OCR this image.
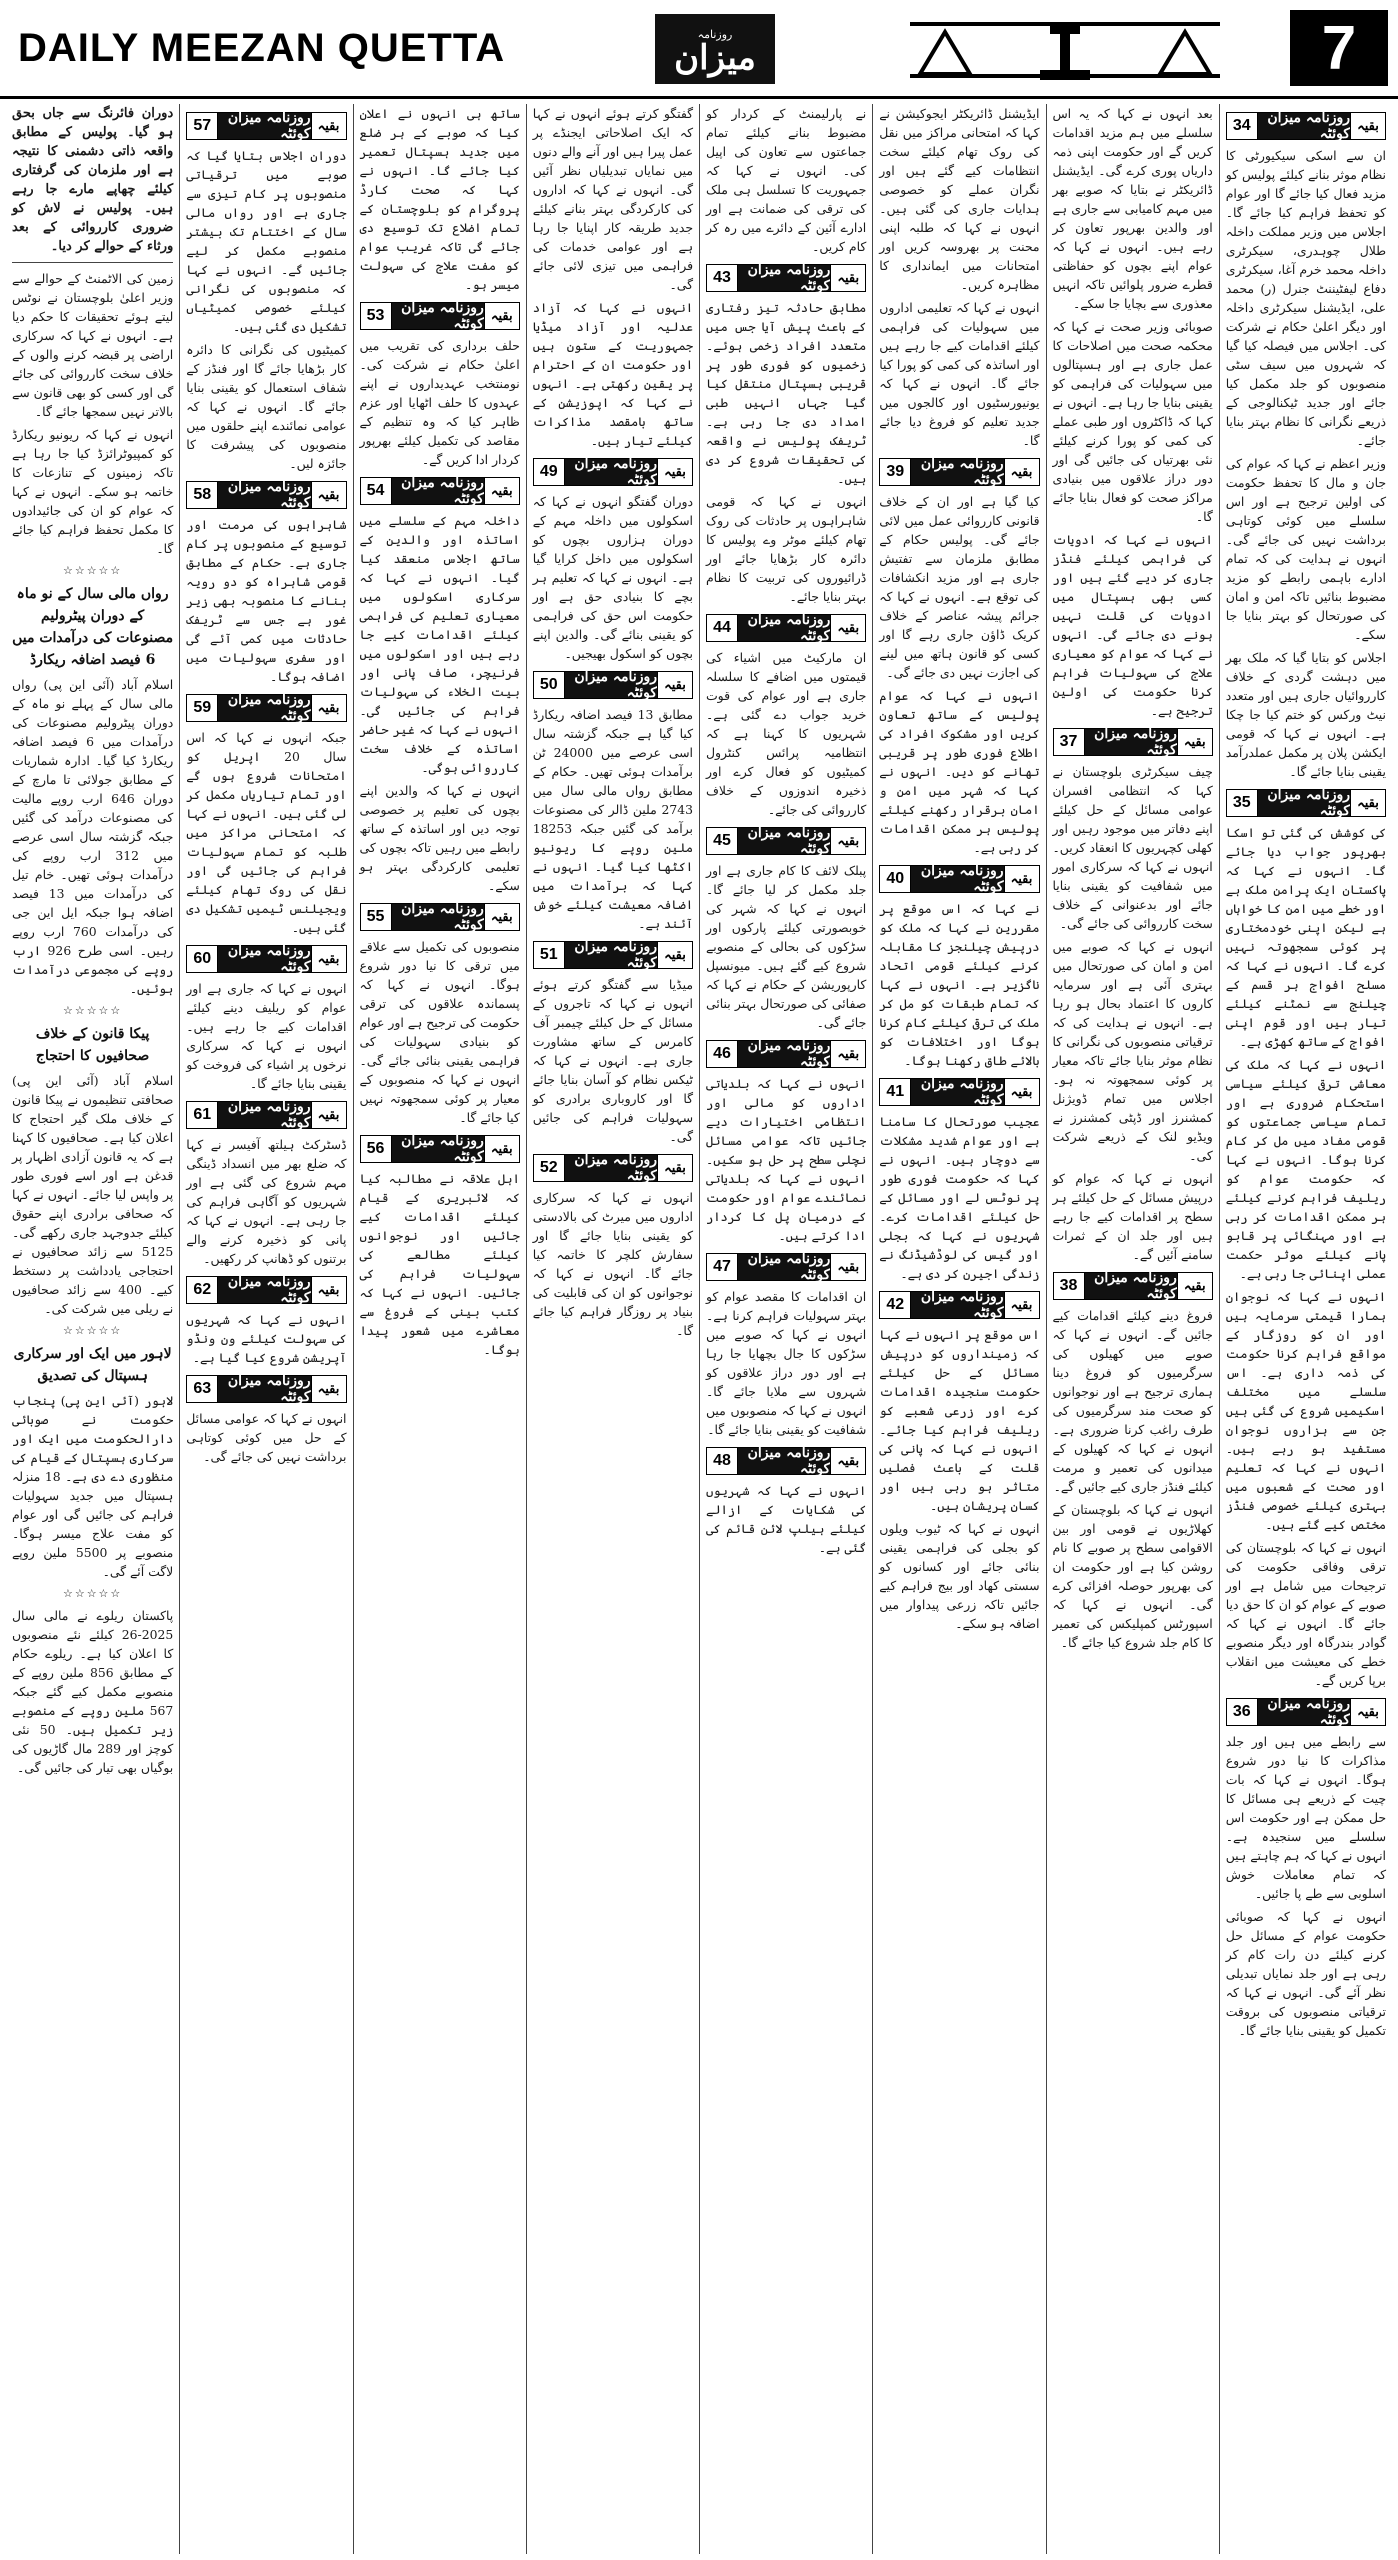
DAILY MEEZAN QUETTA	روزنامہ
میزان	7
34	روزنامہ میزان کوئٹہ بقیہ

ان سے اسکی سیکیورٹی کا نظام موثر بنانے کیلئے پولیس کو مزید فعال کیا جائے گا اور عوام کو تحفظ فراہم کیا جائے گا۔ اجلاس میں وزیر مملکت داخلہ طلال چوہدری، سیکرٹری داخلہ محمد خرم آغا، سیکرٹری دفاع لیفٹیننٹ جنرل (ر) محمد علی، ایڈیشنل سیکرٹری داخلہ اور دیگر اعلیٰ حکام نے شرکت کی۔ اجلاس میں فیصلہ کیا گیا کہ شہروں میں سیف سٹی منصوبوں کو جلد مکمل کیا جائے اور جدید ٹیکنالوجی کے ذریعے نگرانی کا نظام بہتر بنایا جائے۔

وزیر اعظم نے کہا کہ عوام کی جان و مال کا تحفظ حکومت کی اولین ترجیح ہے اور اس سلسلے میں کوئی کوتاہی برداشت نہیں کی جائے گی۔ انہوں نے ہدایت کی کہ تمام ادارے باہمی رابطے کو مزید مضبوط بنائیں تاکہ امن و امان کی صورتحال کو بہتر بنایا جا سکے۔

اجلاس کو بتایا گیا کہ ملک بھر میں دہشت گردی کے خلاف کارروائیاں جاری ہیں اور متعدد نیٹ ورکس کو ختم کیا جا چکا ہے۔ انہوں نے کہا کہ قومی ایکشن پلان پر مکمل عملدرآمد یقینی بنایا جائے گا۔

35	روزنامہ میزان کوئٹہ بقیہ

کی کوشش کی گئی تو اسکا بھرپور جواب دیا جائے گا۔ انہوں نے کہا کہ پاکستان ایک پرامن ملک ہے اور خطے میں امن کا خواہاں ہے لیکن اپنی خودمختاری پر کوئی سمجھوتہ نہیں کرے گا۔ انہوں نے کہا کہ مسلح افواج ہر قسم کے چیلنج سے نمٹنے کیلئے تیار ہیں اور قوم اپنی افواج کے ساتھ کھڑی ہے۔

انہوں نے کہا کہ ملک کی معاشی ترقی کیلئے سیاسی استحکام ضروری ہے اور تمام سیاسی جماعتوں کو قومی مفاد میں مل کر کام کرنا ہوگا۔ انہوں نے کہا کہ حکومت عوام کو ریلیف فراہم کرنے کیلئے ہر ممکن اقدامات کر رہی ہے اور مہنگائی پر قابو پانے کیلئے موثر حکمت عملی اپنائی جا رہی ہے۔

انہوں نے کہا کہ نوجوان ہمارا قیمتی سرمایہ ہیں اور ان کو روزگار کے مواقع فراہم کرنا حکومت کی ذمہ داری ہے۔ اس سلسلے میں مختلف اسکیمیں شروع کی گئی ہیں جن سے ہزاروں نوجوان مستفید ہو رہے ہیں۔ انہوں نے کہا کہ تعلیم اور صحت کے شعبوں میں بہتری کیلئے خصوصی فنڈز مختص کیے گئے ہیں۔

انہوں نے کہا کہ بلوچستان کی ترقی وفاقی حکومت کی ترجیحات میں شامل ہے اور صوبے کے عوام کو ان کا حق دیا جائے گا۔ انہوں نے کہا کہ گوادر بندرگاہ اور دیگر منصوبے خطے کی معیشت میں انقلاب برپا کریں گے۔

36	روزنامہ میزان کوئٹہ بقیہ

سے رابطے میں ہیں اور جلد مذاکرات کا نیا دور شروع ہوگا۔ انہوں نے کہا کہ بات چیت کے ذریعے ہی مسائل کا حل ممکن ہے اور حکومت اس سلسلے میں سنجیدہ ہے۔ انہوں نے کہا کہ ہم چاہتے ہیں کہ تمام معاملات خوش اسلوبی سے طے پا جائیں۔

انہوں نے کہا کہ صوبائی حکومت عوام کے مسائل حل کرنے کیلئے دن رات کام کر رہی ہے اور جلد نمایاں تبدیلی نظر آئے گی۔ انہوں نے کہا کہ ترقیاتی منصوبوں کی بروقت تکمیل کو یقینی بنایا جائے گا۔

بعد انہوں نے کہا کہ یہ اس سلسلے میں ہم مزید اقدامات کریں گے اور حکومت اپنی ذمہ داریاں پوری کرے گی۔ ایڈیشنل ڈائریکٹر نے بتایا کہ صوبے بھر میں مہم کامیابی سے جاری ہے اور والدین بھرپور تعاون کر رہے ہیں۔ انہوں نے کہا کہ عوام اپنے بچوں کو حفاظتی قطرے ضرور پلوائیں تاکہ انہیں معذوری سے بچایا جا سکے۔

صوبائی وزیر صحت نے کہا کہ محکمہ صحت میں اصلاحات کا عمل جاری ہے اور ہسپتالوں میں سہولیات کی فراہمی کو یقینی بنایا جا رہا ہے۔ انہوں نے کہا کہ ڈاکٹروں اور طبی عملے کی کمی کو پورا کرنے کیلئے نئی بھرتیاں کی جائیں گی اور دور دراز علاقوں میں بنیادی مراکز صحت کو فعال بنایا جائے گا۔

انہوں نے کہا کہ ادویات کی فراہمی کیلئے فنڈز جاری کر دیے گئے ہیں اور کسی بھی ہسپتال میں ادویات کی قلت نہیں ہونے دی جائے گی۔ انہوں نے کہا کہ عوام کو معیاری علاج کی سہولیات فراہم کرنا حکومت کی اولین ترجیح ہے۔

37	روزنامہ میزان کوئٹہ بقیہ

چیف سیکرٹری بلوچستان نے کہا کہ انتظامی افسران عوامی مسائل کے حل کیلئے اپنے دفاتر میں موجود رہیں اور کھلی کچہریوں کا انعقاد کریں۔ انہوں نے کہا کہ سرکاری امور میں شفافیت کو یقینی بنایا جائے اور بدعنوانی کے خلاف سخت کارروائی کی جائے گی۔

انہوں نے کہا کہ صوبے میں امن و امان کی صورتحال میں بہتری آئی ہے اور سرمایہ کاروں کا اعتماد بحال ہو رہا ہے۔ انہوں نے ہدایت کی کہ ترقیاتی منصوبوں کی نگرانی کا نظام موثر بنایا جائے تاکہ معیار پر کوئی سمجھوتہ نہ ہو۔ اجلاس میں تمام ڈویژنل کمشنرز اور ڈپٹی کمشنرز نے ویڈیو لنک کے ذریعے شرکت کی۔

انہوں نے کہا کہ عوام کو درپیش مسائل کے حل کیلئے ہر سطح پر اقدامات کیے جا رہے ہیں اور جلد ان کے ثمرات سامنے آئیں گے۔

38	روزنامہ میزان کوئٹہ بقیہ

فروغ دینے کیلئے اقدامات کیے جائیں گے۔ انہوں نے کہا کہ صوبے میں کھیلوں کی سرگرمیوں کو فروغ دینا ہماری ترجیح ہے اور نوجوانوں کو صحت مند سرگرمیوں کی طرف راغب کرنا ضروری ہے۔ انہوں نے کہا کہ کھیلوں کے میدانوں کی تعمیر و مرمت کیلئے فنڈز جاری کیے جائیں گے۔

انہوں نے کہا کہ بلوچستان کے کھلاڑیوں نے قومی اور بین الاقوامی سطح پر صوبے کا نام روشن کیا ہے اور حکومت ان کی بھرپور حوصلہ افزائی کرے گی۔ انہوں نے کہا کہ اسپورٹس کمپلیکس کی تعمیر کا کام جلد شروع کیا جائے گا۔

ایڈیشنل ڈائریکٹر ایجوکیشن نے کہا کہ امتحانی مراکز میں نقل کی روک تھام کیلئے سخت انتظامات کیے گئے ہیں اور نگران عملے کو خصوصی ہدایات جاری کی گئی ہیں۔ انہوں نے کہا کہ طلبہ اپنی محنت پر بھروسہ کریں اور امتحانات میں ایمانداری کا مظاہرہ کریں۔

انہوں نے کہا کہ تعلیمی اداروں میں سہولیات کی فراہمی کیلئے اقدامات کیے جا رہے ہیں اور اساتذہ کی کمی کو پورا کیا جائے گا۔ انہوں نے کہا کہ یونیورسٹیوں اور کالجوں میں جدید تعلیم کو فروغ دیا جائے گا۔

39	روزنامہ میزان کوئٹہ بقیہ

کیا گیا ہے اور ان کے خلاف قانونی کارروائی عمل میں لائی جائے گی۔ پولیس حکام کے مطابق ملزمان سے تفتیش جاری ہے اور مزید انکشافات کی توقع ہے۔ انہوں نے کہا کہ جرائم پیشہ عناصر کے خلاف کریک ڈاؤن جاری رہے گا اور کسی کو قانون ہاتھ میں لینے کی اجازت نہیں دی جائے گی۔

انہوں نے کہا کہ عوام پولیس کے ساتھ تعاون کریں اور مشکوک افراد کی اطلاع فوری طور پر قریبی تھانے کو دیں۔ انہوں نے کہا کہ شہر میں امن و امان برقرار رکھنے کیلئے پولیس ہر ممکن اقدامات کر رہی ہے۔

40	روزنامہ میزان کوئٹہ بقیہ

نے کہا کہ اس موقع پر مقررین نے کہا کہ ملک کو درپیش چیلنجز کا مقابلہ کرنے کیلئے قومی اتحاد ناگزیر ہے۔ انہوں نے کہا کہ تمام طبقات کو مل کر ملک کی ترقی کیلئے کام کرنا ہوگا اور اختلافات کو بالائے طاق رکھنا ہوگا۔

41	روزنامہ میزان کوئٹہ بقیہ

عجیب صورتحال کا سامنا ہے اور عوام شدید مشکلات سے دوچار ہیں۔ انہوں نے کہا کہ حکومت فوری طور پر نوٹس لے اور مسائل کے حل کیلئے اقدامات کرے۔ شہریوں نے کہا کہ بجلی اور گیس کی لوڈشیڈنگ نے زندگی اجیرن کر دی ہے۔

42	روزنامہ میزان کوئٹہ بقیہ

اس موقع پر انہوں نے کہا کہ زمینداروں کو درپیش مسائل کے حل کیلئے حکومت سنجیدہ اقدامات کرے اور زرعی شعبے کو ریلیف فراہم کیا جائے۔ انہوں نے کہا کہ پانی کی قلت کے باعث فصلیں متاثر ہو رہی ہیں اور کسان پریشان ہیں۔

انہوں نے کہا کہ ٹیوب ویلوں کو بجلی کی فراہمی یقینی بنائی جائے اور کسانوں کو سستی کھاد اور بیج فراہم کیے جائیں تاکہ زرعی پیداوار میں اضافہ ہو سکے۔

نے پارلیمنٹ کے کردار کو مضبوط بنانے کیلئے تمام جماعتوں سے تعاون کی اپیل کی۔ انہوں نے کہا کہ جمہوریت کا تسلسل ہی ملک کی ترقی کی ضمانت ہے اور ادارے آئین کے دائرے میں رہ کر کام کریں۔

43	روزنامہ میزان کوئٹہ بقیہ

مطابق حادثہ تیز رفتاری کے باعث پیش آیا جس میں متعدد افراد زخمی ہوئے۔ زخمیوں کو فوری طور پر قریبی ہسپتال منتقل کیا گیا جہاں انہیں طبی امداد دی جا رہی ہے۔ ٹریفک پولیس نے واقعہ کی تحقیقات شروع کر دی ہیں۔

انہوں نے کہا کہ قومی شاہراہوں پر حادثات کی روک تھام کیلئے موٹر وے پولیس کا دائرہ کار بڑھایا جائے اور ڈرائیوروں کی تربیت کا نظام بہتر بنایا جائے۔

44	روزنامہ میزان کوئٹہ بقیہ

ان مارکیٹ میں اشیاء کی قیمتوں میں اضافے کا سلسلہ جاری ہے اور عوام کی قوت خرید جواب دے گئی ہے۔ شہریوں کا کہنا ہے کہ انتظامیہ پرائس کنٹرول کمیٹیوں کو فعال کرے اور ذخیرہ اندوزوں کے خلاف کارروائی کی جائے۔

45	روزنامہ میزان کوئٹہ بقیہ

پبلک لائف کا کام جاری ہے اور جلد مکمل کر لیا جائے گا۔ انہوں نے کہا کہ شہر کی خوبصورتی کیلئے پارکوں اور سڑکوں کی بحالی کے منصوبے شروع کیے گئے ہیں۔ میونسپل کارپوریشن کے حکام نے کہا کہ صفائی کی صورتحال بہتر بنائی جائے گی۔

46	روزنامہ میزان کوئٹہ بقیہ

انہوں نے کہا کہ بلدیاتی اداروں کو مالی اور انتظامی اختیارات دیے جائیں تاکہ عوامی مسائل نچلی سطح پر حل ہو سکیں۔ انہوں نے کہا کہ بلدیاتی نمائندے عوام اور حکومت کے درمیان پل کا کردار ادا کرتے ہیں۔

47	روزنامہ میزان کوئٹہ بقیہ

ان اقدامات کا مقصد عوام کو بہتر سہولیات فراہم کرنا ہے۔ انہوں نے کہا کہ صوبے میں سڑکوں کا جال بچھایا جا رہا ہے اور دور دراز علاقوں کو شہروں سے ملایا جائے گا۔ انہوں نے کہا کہ منصوبوں میں شفافیت کو یقینی بنایا جائے گا۔

48	روزنامہ میزان کوئٹہ بقیہ

انہوں نے کہا کہ شہریوں کی شکایات کے ازالے کیلئے ہیلپ لائن قائم کی گئی ہے۔

گفتگو کرتے ہوئے انہوں نے کہا کہ ایک اصلاحاتی ایجنڈے پر عمل پیرا ہیں اور آنے والے دنوں میں نمایاں تبدیلیاں نظر آئیں گی۔ انہوں نے کہا کہ اداروں کی کارکردگی بہتر بنانے کیلئے جدید طریقہ کار اپنایا جا رہا ہے اور عوامی خدمات کی فراہمی میں تیزی لائی جائے گی۔

انہوں نے کہا کہ آزاد عدلیہ اور آزاد میڈیا جمہوریت کے ستون ہیں اور حکومت ان کے احترام پر یقین رکھتی ہے۔ انہوں نے کہا کہ اپوزیشن کے ساتھ بامقصد مذاکرات کیلئے تیار ہیں۔

49	روزنامہ میزان کوئٹہ بقیہ

دوران گفتگو انہوں نے کہا کہ اسکولوں میں داخلہ مہم کے دوران ہزاروں بچوں کو اسکولوں میں داخل کرایا گیا ہے۔ انہوں نے کہا کہ تعلیم ہر بچے کا بنیادی حق ہے اور حکومت اس حق کی فراہمی کو یقینی بنائے گی۔ والدین اپنے بچوں کو اسکول بھیجیں۔

50	روزنامہ میزان کوئٹہ بقیہ

مطابق 13 فیصد اضافہ ریکارڈ کیا گیا ہے جبکہ گزشتہ سال اسی عرصے میں 24000 ٹن برآمدات ہوئی تھیں۔ حکام کے مطابق رواں مالی سال میں 2743 ملین ڈالر کی مصنوعات برآمد کی گئیں جبکہ 18253 ملین روپے کا ریونیو اکٹھا کیا گیا۔ انہوں نے کہا کہ برآمدات میں اضافہ معیشت کیلئے خوش آئند ہے۔

51	روزنامہ میزان کوئٹہ بقیہ

میڈیا سے گفتگو کرتے ہوئے انہوں نے کہا کہ تاجروں کے مسائل کے حل کیلئے چیمبر آف کامرس کے ساتھ مشاورت جاری ہے۔ انہوں نے کہا کہ ٹیکس نظام کو آسان بنایا جائے گا اور کاروباری برادری کو سہولیات فراہم کی جائیں گی۔

52	روزنامہ میزان کوئٹہ بقیہ

انہوں نے کہا کہ سرکاری اداروں میں میرٹ کی بالادستی کو یقینی بنایا جائے گا اور سفارش کلچر کا خاتمہ کیا جائے گا۔ انہوں نے کہا کہ نوجوانوں کو ان کی قابلیت کی بنیاد پر روزگار فراہم کیا جائے گا۔

ساتھ ہی انہوں نے اعلان کیا کہ صوبے کے ہر ضلع میں جدید ہسپتال تعمیر کیا جائے گا۔ انہوں نے کہا کہ صحت کارڈ پروگرام کو بلوچستان کے تمام اضلاع تک توسیع دی جائے گی تاکہ غریب عوام کو مفت علاج کی سہولت میسر ہو۔

53	روزنامہ میزان کوئٹہ بقیہ

حلف برداری کی تقریب میں اعلیٰ حکام نے شرکت کی۔ نومنتخب عہدیداروں نے اپنے عہدوں کا حلف اٹھایا اور عزم ظاہر کیا کہ وہ تنظیم کے مقاصد کی تکمیل کیلئے بھرپور کردار ادا کریں گے۔

54	روزنامہ میزان کوئٹہ بقیہ

داخلہ مہم کے سلسلے میں اساتذہ اور والدین کے ساتھ اجلاس منعقد کیا گیا۔ انہوں نے کہا کہ سرکاری اسکولوں میں معیاری تعلیم کی فراہمی کیلئے اقدامات کیے جا رہے ہیں اور اسکولوں میں فرنیچر، صاف پانی اور بیت الخلاء کی سہولیات فراہم کی جائیں گی۔ انہوں نے کہا کہ غیر حاضر اساتذہ کے خلاف سخت کارروائی ہوگی۔

انہوں نے کہا کہ والدین اپنے بچوں کی تعلیم پر خصوصی توجہ دیں اور اساتذہ کے ساتھ رابطے میں رہیں تاکہ بچوں کی تعلیمی کارکردگی بہتر ہو سکے۔

55	روزنامہ میزان کوئٹہ بقیہ

منصوبوں کی تکمیل سے علاقے میں ترقی کا نیا دور شروع ہوگا۔ انہوں نے کہا کہ پسماندہ علاقوں کی ترقی حکومت کی ترجیح ہے اور عوام کو بنیادی سہولیات کی فراہمی یقینی بنائی جائے گی۔ انہوں نے کہا کہ منصوبوں کے معیار پر کوئی سمجھوتہ نہیں کیا جائے گا۔

56	روزنامہ میزان کوئٹہ بقیہ

اہل علاقہ نے مطالبہ کیا کہ لائبریری کے قیام کیلئے اقدامات کیے جائیں اور نوجوانوں کیلئے مطالعے کی سہولیات فراہم کی جائیں۔ انہوں نے کہا کہ کتب بینی کے فروغ سے معاشرے میں شعور پیدا ہوگا۔

57	روزنامہ میزان کوئٹہ بقیہ

دوران اجلاس بتایا گیا کہ صوبے میں ترقیاتی منصوبوں پر کام تیزی سے جاری ہے اور رواں مالی سال کے اختتام تک بیشتر منصوبے مکمل کر لیے جائیں گے۔ انہوں نے کہا کہ منصوبوں کی نگرانی کیلئے خصوصی کمیٹیاں تشکیل دی گئی ہیں۔

کمیٹیوں کی نگرانی کا دائرہ کار بڑھایا جائے گا اور فنڈز کے شفاف استعمال کو یقینی بنایا جائے گا۔ انہوں نے کہا کہ عوامی نمائندے اپنے حلقوں میں منصوبوں کی پیشرفت کا جائزہ لیں۔

58	روزنامہ میزان کوئٹہ بقیہ

شاہراہوں کی مرمت اور توسیع کے منصوبوں پر کام جاری ہے۔ حکام کے مطابق قومی شاہراہ کو دو رویہ بنانے کا منصوبہ بھی زیر غور ہے جس سے ٹریفک حادثات میں کمی آئے گی اور سفری سہولیات میں اضافہ ہوگا۔

59	روزنامہ میزان کوئٹہ بقیہ

جبکہ انہوں نے کہا کہ اس سال 20 اپریل کو امتحانات شروع ہوں گے اور تمام تیاریاں مکمل کر لی گئی ہیں۔ انہوں نے کہا کہ امتحانی مراکز میں طلبہ کو تمام سہولیات فراہم کی جائیں گی اور نقل کی روک تھام کیلئے ویجیلنس ٹیمیں تشکیل دی گئی ہیں۔

60	روزنامہ میزان کوئٹہ بقیہ

انہوں نے کہا کہ جاری ہے اور عوام کو ریلیف دینے کیلئے اقدامات کیے جا رہے ہیں۔ انہوں نے کہا کہ سرکاری نرخوں پر اشیاء کی فروخت کو یقینی بنایا جائے گا۔

61	روزنامہ میزان کوئٹہ بقیہ

ڈسٹرکٹ ہیلتھ آفیسر نے کہا کہ ضلع بھر میں انسداد ڈینگی مہم شروع کی گئی ہے اور شہریوں کو آگاہی فراہم کی جا رہی ہے۔ انہوں نے کہا کہ پانی کو ذخیرہ کرنے والے برتنوں کو ڈھانپ کر رکھیں۔

62	روزنامہ میزان کوئٹہ بقیہ

انہوں نے کہا کہ شہریوں کی سہولت کیلئے ون ونڈو آپریشن شروع کیا گیا ہے۔

63	روزنامہ میزان کوئٹہ بقیہ

انہوں نے کہا کہ عوامی مسائل کے حل میں کوئی کوتاہی برداشت نہیں کی جائے گی۔

دوران فائرنگ سے جاں بحق ہو گیا۔ پولیس کے مطابق واقعہ ذاتی دشمنی کا نتیجہ ہے اور ملزمان کی گرفتاری کیلئے چھاپے مارے جا رہے ہیں۔ پولیس نے لاش کو ضروری کارروائی کے بعد ورثاء کے حوالے کر دیا۔

زمین کی الاٹمنٹ کے حوالے سے وزیر اعلیٰ بلوچستان نے نوٹس لیتے ہوئے تحقیقات کا حکم دیا ہے۔ انہوں نے کہا کہ سرکاری اراضی پر قبضہ کرنے والوں کے خلاف سخت کارروائی کی جائے گی اور کسی کو بھی قانون سے بالاتر نہیں سمجھا جائے گا۔

انہوں نے کہا کہ ریونیو ریکارڈ کو کمپیوٹرائزڈ کیا جا رہا ہے تاکہ زمینوں کے تنازعات کا خاتمہ ہو سکے۔ انہوں نے کہا کہ عوام کو ان کی جائیدادوں کا مکمل تحفظ فراہم کیا جائے گا۔

☆☆☆☆☆
رواں مالی سال کے نو ماہ کے دوران پیٹرولیم مصنوعات کی درآمدات میں 6 فیصد اضافہ ریکارڈ

اسلام آباد (آئی این پی) رواں مالی سال کے پہلے نو ماہ کے دوران پیٹرولیم مصنوعات کی درآمدات میں 6 فیصد اضافہ ریکارڈ کیا گیا۔ ادارہ شماریات کے مطابق جولائی تا مارچ کے دوران 646 ارب روپے مالیت کی مصنوعات درآمد کی گئیں جبکہ گزشتہ سال اسی عرصے میں 312 ارب روپے کی درآمدات ہوئی تھیں۔ خام تیل کی درآمدات میں 13 فیصد اضافہ ہوا جبکہ ایل این جی کی درآمدات 760 ارب روپے رہیں۔ اسی طرح 926 ارب روپے کی مجموعی درآمدات ہوئیں۔

☆☆☆☆☆
پیکا قانون کے خلاف صحافیوں کا احتجاج

اسلام آباد (آئی این پی) صحافتی تنظیموں نے پیکا قانون کے خلاف ملک گیر احتجاج کا اعلان کیا ہے۔ صحافیوں کا کہنا ہے کہ یہ قانون آزادی اظہار پر قدغن ہے اور اسے فوری طور پر واپس لیا جائے۔ انہوں نے کہا کہ صحافی برادری اپنے حقوق کیلئے جدوجہد جاری رکھے گی۔ 5125 سے زائد صحافیوں نے احتجاجی یادداشت پر دستخط کیے۔ 400 سے زائد صحافیوں نے ریلی میں شرکت کی۔

☆☆☆☆☆
لاہور میں ایک اور سرکاری ہسپتال کی تصدیق

لاہور (آئی این پی) پنجاب حکومت نے صوبائی دارالحکومت میں ایک اور سرکاری ہسپتال کے قیام کی منظوری دے دی ہے۔ 18 منزلہ ہسپتال میں جدید سہولیات فراہم کی جائیں گی اور عوام کو مفت علاج میسر ہوگا۔ منصوبے پر 5500 ملین روپے لاگت آئے گی۔

☆☆☆☆☆

پاکستان ریلوے نے مالی سال 2025-26 کیلئے نئے منصوبوں کا اعلان کیا ہے۔ ریلوے حکام کے مطابق 856 ملین روپے کے منصوبے مکمل کیے گئے جبکہ 567 ملین روپے کے منصوبے زیر تکمیل ہیں۔ 50 نئی کوچز اور 289 مال گاڑیوں کی بوگیاں بھی تیار کی جائیں گی۔
